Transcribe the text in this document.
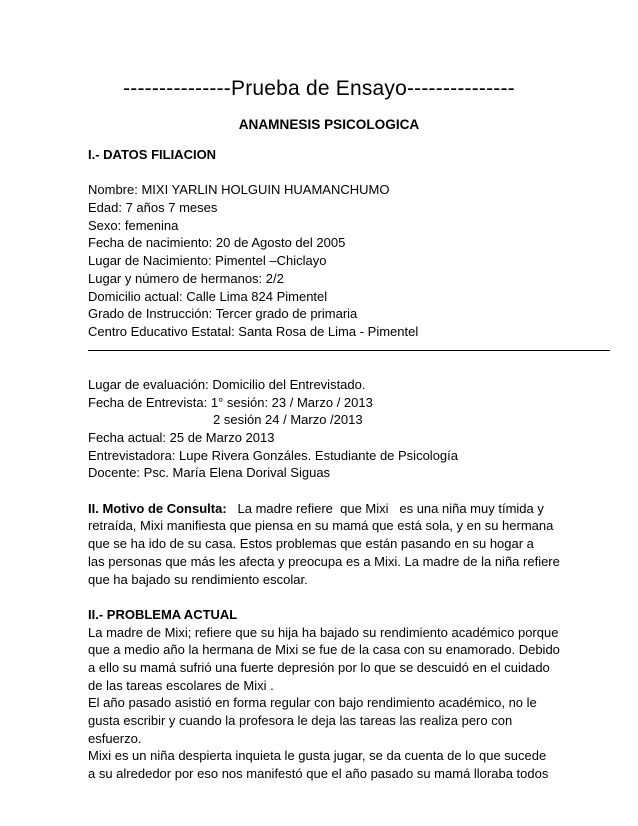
---------------Prueba de Ensayo---------------
ANAMNESIS PSICOLOGICA
I.- DATOS FILIACION
Nombre: MIXI YARLIN HOLGUIN HUAMANCHUMO
Edad: 7 años 7 meses
Sexo: femenina
Fecha de nacimiento: 20 de Agosto del 2005
Lugar de Nacimiento: Pimentel –Chiclayo
Lugar y número de hermanos: 2/2
Domicilio actual: Calle Lima 824 Pimentel
Grado de Instrucción: Tercer grado de primaria
Centro Educativo Estatal: Santa Rosa de Lima - Pimentel
Lugar de evaluación: Domicilio del Entrevistado.
Fecha de Entrevista: 1° sesión: 23 / Marzo / 2013
2 sesión 24 / Marzo /2013
Fecha actual: 25 de Marzo 2013
Entrevistadora: Lupe Rivera Gonzáles. Estudiante de Psicología
Docente: Psc. María Elena Dorival Siguas
II. Motivo de Consulta:   La madre refiere  que Mixi   es una niña muy tímida y
retraída, Mixi manifiesta que piensa en su mamá que está sola, y en su hermana
que se ha ido de su casa. Estos problemas que están pasando en su hogar a
las personas que más les afecta y preocupa es a Mixi. La madre de la niña refiere
que ha bajado su rendimiento escolar.
II.- PROBLEMA ACTUAL
La madre de Mixi; refiere que su hija ha bajado su rendimiento académico porque
que a medio año la hermana de Mixi se fue de la casa con su enamorado. Debido
a ello su mamá sufrió una fuerte depresión por lo que se descuidó en el cuidado
de las tareas escolares de Mixi .
El año pasado asistió en forma regular con bajo rendimiento académico, no le
gusta escribir y cuando la profesora le deja las tareas las realiza pero con
esfuerzo.
Mixi es un niña despierta inquieta le gusta jugar, se da cuenta de lo que sucede
a su alrededor por eso nos manifestó que el año pasado su mamá lloraba todos
